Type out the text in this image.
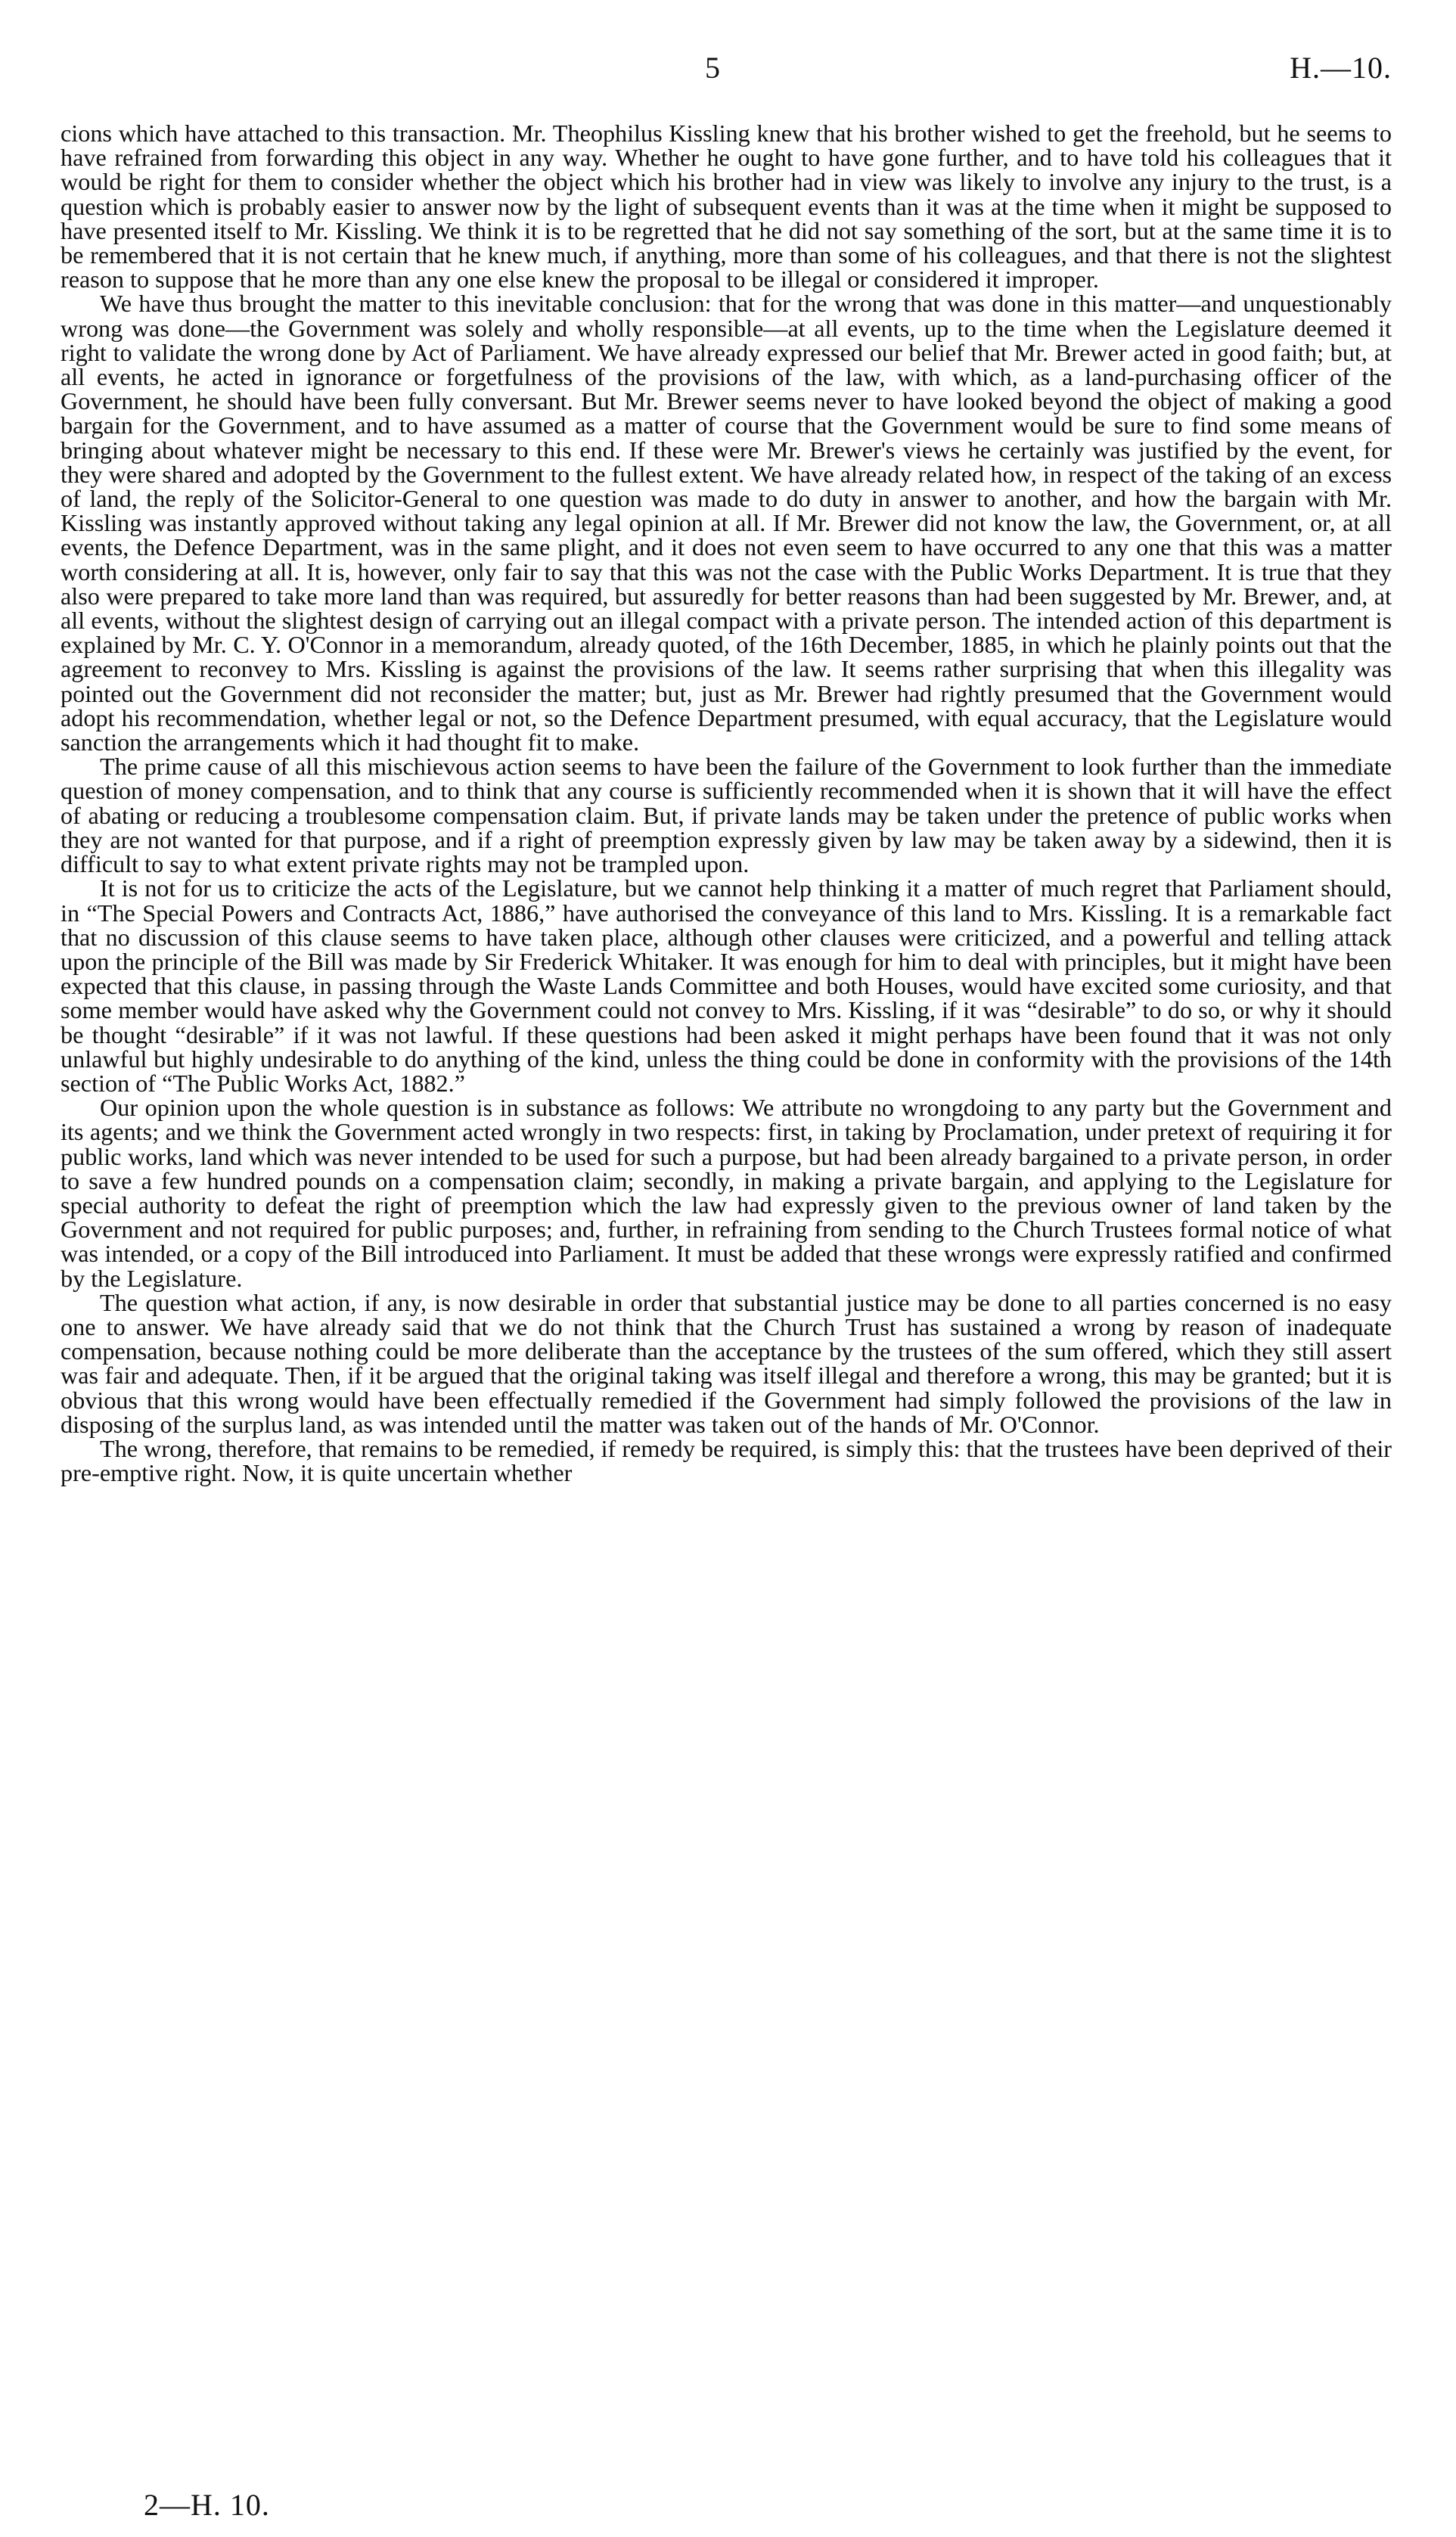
5	H.—10.

cions which have attached to this transaction. Mr. Theophilus Kissling knew that his brother wished to get the freehold, but he seems to have refrained from forwarding this object in any way. Whether he ought to have gone further, and to have told his colleagues that it would be right for them to consider whether the object which his brother had in view was likely to involve any injury to the trust, is a question which is probably easier to answer now by the light of subsequent events than it was at the time when it might be supposed to have presented itself to Mr. Kissling. We think it is to be regretted that he did not say something of the sort, but at the same time it is to be remembered that it is not certain that he knew much, if anything, more than some of his colleagues, and that there is not the slightest reason to suppose that he more than any one else knew the proposal to be illegal or considered it improper.

We have thus brought the matter to this inevitable conclusion: that for the wrong that was done in this matter—and unquestionably wrong was done—the Government was solely and wholly responsible—at all events, up to the time when the Legislature deemed it right to validate the wrong done by Act of Parliament. We have already expressed our belief that Mr. Brewer acted in good faith; but, at all events, he acted in ignorance or forgetfulness of the provisions of the law, with which, as a land-purchasing officer of the Government, he should have been fully conversant. But Mr. Brewer seems never to have looked beyond the object of making a good bargain for the Government, and to have assumed as a matter of course that the Government would be sure to find some means of bringing about whatever might be necessary to this end. If these were Mr. Brewer's views he certainly was justified by the event, for they were shared and adopted by the Government to the fullest extent. We have already related how, in respect of the taking of an excess of land, the reply of the Solicitor-General to one question was made to do duty in answer to another, and how the bargain with Mr. Kissling was instantly approved without taking any legal opinion at all. If Mr. Brewer did not know the law, the Government, or, at all events, the Defence Department, was in the same plight, and it does not even seem to have occurred to any one that this was a matter worth considering at all. It is, however, only fair to say that this was not the case with the Public Works Department. It is true that they also were prepared to take more land than was required, but assuredly for better reasons than had been suggested by Mr. Brewer, and, at all events, without the slightest design of carrying out an illegal compact with a private person. The intended action of this department is explained by Mr. C. Y. O'Connor in a memorandum, already quoted, of the 16th December, 1885, in which he plainly points out that the agreement to reconvey to Mrs. Kissling is against the provisions of the law. It seems rather surprising that when this illegality was pointed out the Government did not reconsider the matter; but, just as Mr. Brewer had rightly presumed that the Government would adopt his recommendation, whether legal or not, so the Defence Department presumed, with equal accuracy, that the Legislature would sanction the arrangements which it had thought fit to make.

The prime cause of all this mischievous action seems to have been the failure of the Government to look further than the immediate question of money compensation, and to think that any course is sufficiently recommended when it is shown that it will have the effect of abating or reducing a troublesome compensation claim. But, if private lands may be taken under the pretence of public works when they are not wanted for that purpose, and if a right of preemption expressly given by law may be taken away by a sidewind, then it is difficult to say to what extent private rights may not be trampled upon.

It is not for us to criticize the acts of the Legislature, but we cannot help thinking it a matter of much regret that Parliament should, in “The Special Powers and Contracts Act, 1886,” have authorised the conveyance of this land to Mrs. Kissling. It is a remarkable fact that no discussion of this clause seems to have taken place, although other clauses were criticized, and a powerful and telling attack upon the principle of the Bill was made by Sir Frederick Whitaker. It was enough for him to deal with principles, but it might have been expected that this clause, in passing through the Waste Lands Committee and both Houses, would have excited some curiosity, and that some member would have asked why the Government could not convey to Mrs. Kissling, if it was “desirable” to do so, or why it should be thought “desirable” if it was not lawful. If these questions had been asked it might perhaps have been found that it was not only unlawful but highly undesirable to do anything of the kind, unless the thing could be done in conformity with the provisions of the 14th section of “The Public Works Act, 1882.”

Our opinion upon the whole question is in substance as follows: We attribute no wrongdoing to any party but the Government and its agents; and we think the Government acted wrongly in two respects: first, in taking by Proclamation, under pretext of requiring it for public works, land which was never intended to be used for such a purpose, but had been already bargained to a private person, in order to save a few hundred pounds on a compensation claim; secondly, in making a private bargain, and applying to the Legislature for special authority to defeat the right of preemption which the law had expressly given to the previous owner of land taken by the Government and not required for public purposes; and, further, in refraining from sending to the Church Trustees formal notice of what was intended, or a copy of the Bill introduced into Parliament. It must be added that these wrongs were expressly ratified and confirmed by the Legislature.

The question what action, if any, is now desirable in order that substantial justice may be done to all parties concerned is no easy one to answer. We have already said that we do not think that the Church Trust has sustained a wrong by reason of inadequate compensation, because nothing could be more deliberate than the acceptance by the trustees of the sum offered, which they still assert was fair and adequate. Then, if it be argued that the original taking was itself illegal and therefore a wrong, this may be granted; but it is obvious that this wrong would have been effectually remedied if the Government had simply followed the provisions of the law in disposing of the surplus land, as was intended until the matter was taken out of the hands of Mr. O'Connor.

The wrong, therefore, that remains to be remedied, if remedy be required, is simply this: that the trustees have been deprived of their pre-emptive right. Now, it is quite uncertain whether

2—H. 10.
